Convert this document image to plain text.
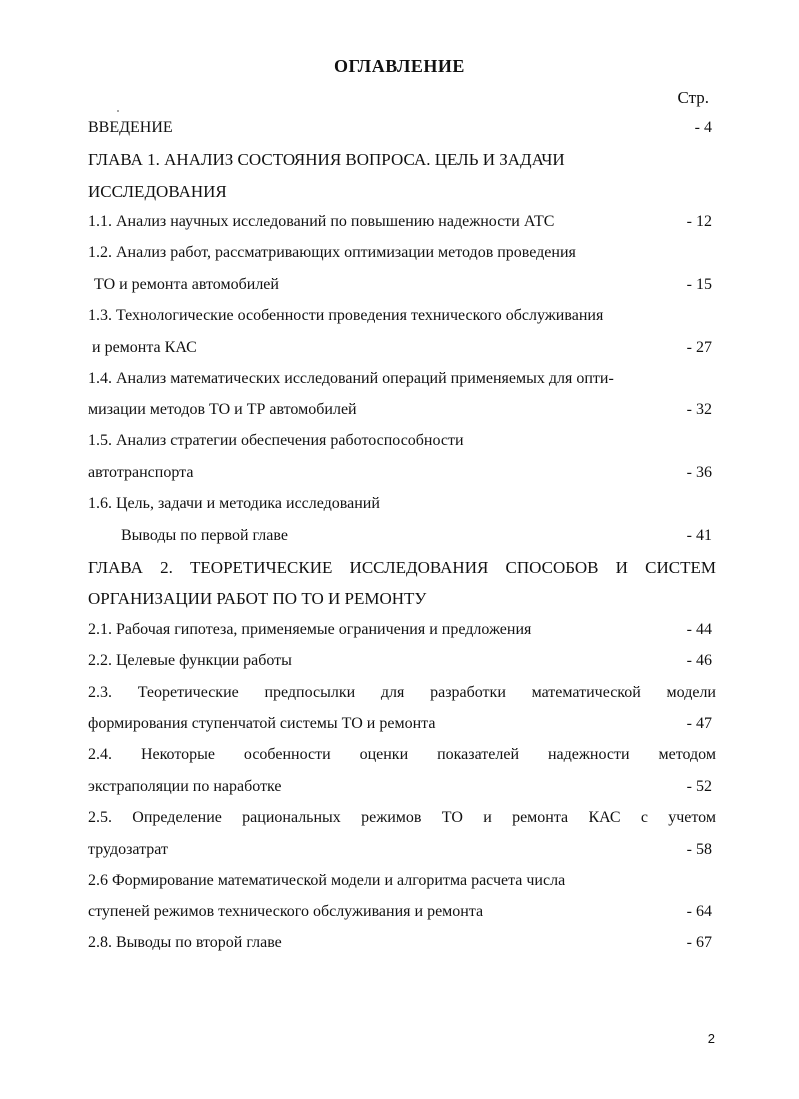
ОГЛАВЛЕНИЕ
Стр.
ВВЕДЕНИЕ	- 4
ГЛАВА 1. АНАЛИЗ СОСТОЯНИЯ ВОПРОСА. ЦЕЛЬ И ЗАДАЧИ
ИССЛЕДОВАНИЯ
1.1. Анализ научных исследований по повышению надежности АТС	- 12
1.2. Анализ работ, рассматривающих оптимизации методов проведения
ТО и ремонта автомобилей	- 15
1.3. Технологические особенности проведения технического обслуживания
и ремонта КАС	- 27
1.4. Анализ математических исследований операций применяемых для опти-
мизации методов ТО и ТР автомобилей	- 32
1.5. Анализ стратегии обеспечения работоспособности
автотранспорта	- 36
1.6. Цель, задачи и методика исследований
Выводы по первой главе	- 41
ГЛАВА 2. ТЕОРЕТИЧЕСКИЕ ИССЛЕДОВАНИЯ СПОСОБОВ И СИСТЕМ
ОРГАНИЗАЦИИ РАБОТ ПО ТО И РЕМОНТУ
2.1. Рабочая гипотеза, применяемые ограничения и предложения	- 44
2.2. Целевые функции работы	- 46
2.3. Теоретические предпосылки для разработки математической модели
формирования ступенчатой системы ТО и ремонта	- 47
2.4. Некоторые особенности оценки показателей надежности методом
экстраполяции по наработке	- 52
2.5. Определение рациональных режимов ТО и ремонта КАС с учетом
трудозатрат	- 58
2.6 Формирование математической модели и алгоритма расчета числа
ступеней режимов технического обслуживания и ремонта	- 64
2.8. Выводы по второй главе	- 67
2
